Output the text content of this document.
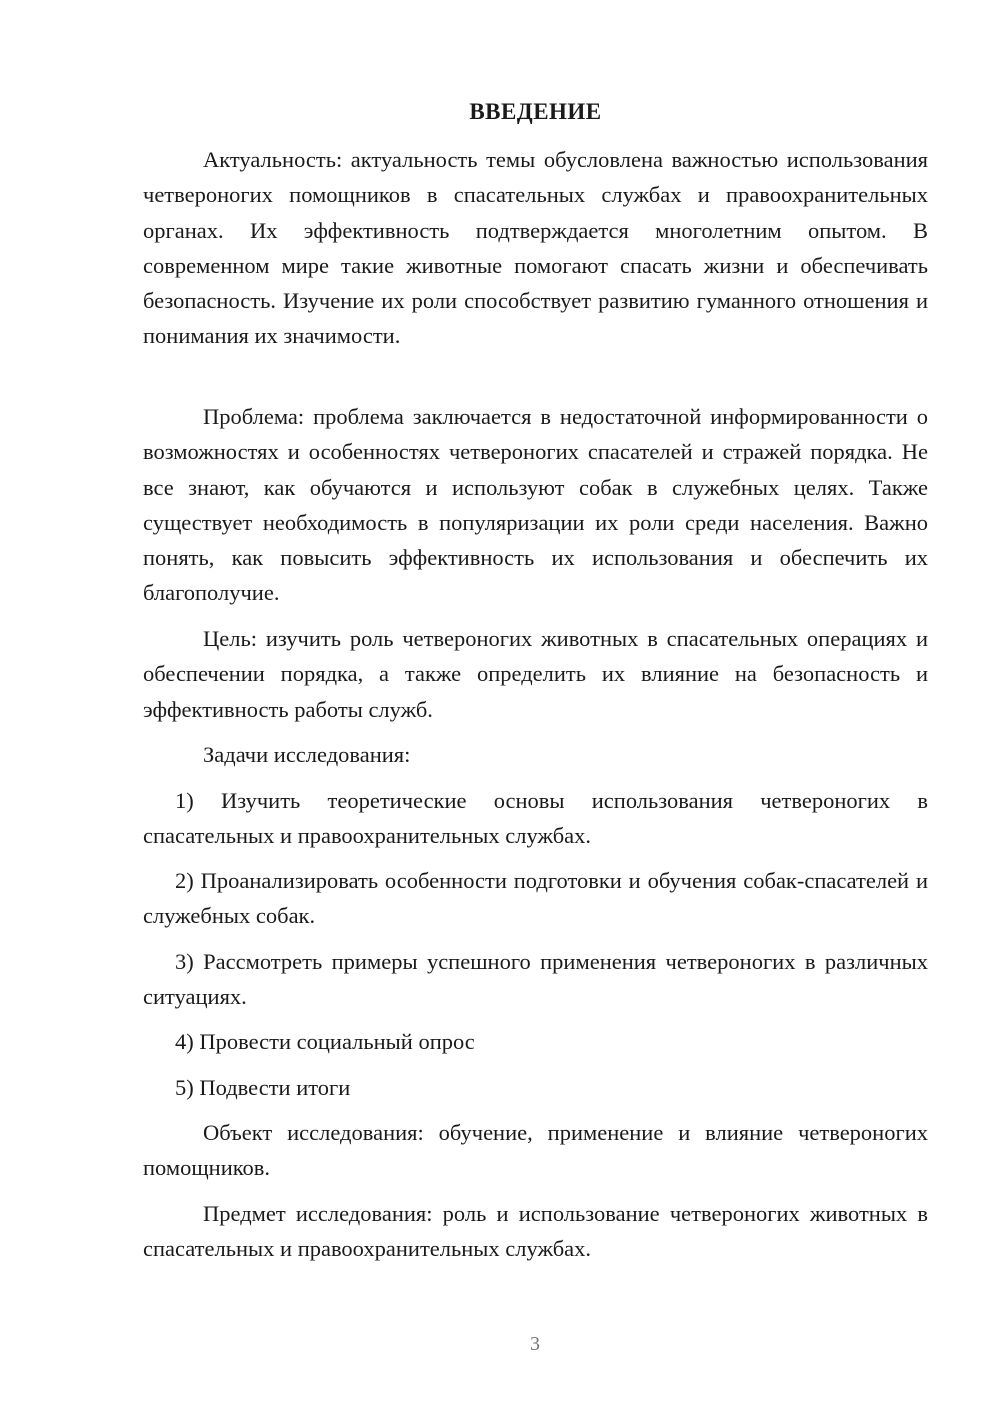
ВВЕДЕНИЕ

Актуальность: актуальность темы обусловлена важностью использования четвероногих помощников в спасательных службах и правоохранительных органах. Их эффективность подтверждается многолетним опытом. В современном мире такие животные помогают спасать жизни и обеспечивать безопасность. Изучение их роли способствует развитию гуманного отношения и понимания их значимости.

Проблема: проблема заключается в недостаточной информированности о возможностях и особенностях четвероногих спасателей и стражей порядка. Не все знают, как обучаются и используют собак в служебных целях. Также существует необходимость в популяризации их роли среди населения. Важно понять, как повысить эффективность их использования и обеспечить их благополучие.

Цель: изучить роль четвероногих животных в спасательных операциях и обеспечении порядка, а также определить их влияние на безопасность и эффективность работы служб.

Задачи исследования:

1) Изучить теоретические основы использования четвероногих в спасательных и правоохранительных службах.

2) Проанализировать особенности подготовки и обучения собак-спасателей и служебных собак.

3) Рассмотреть примеры успешного применения четвероногих в различных ситуациях.

4) Провести социальный опрос

5) Подвести итоги

Объект исследования: обучение, применение и влияние четвероногих помощников.

Предмет исследования: роль и использование четвероногих животных в спасательных и правоохранительных службах.

3
